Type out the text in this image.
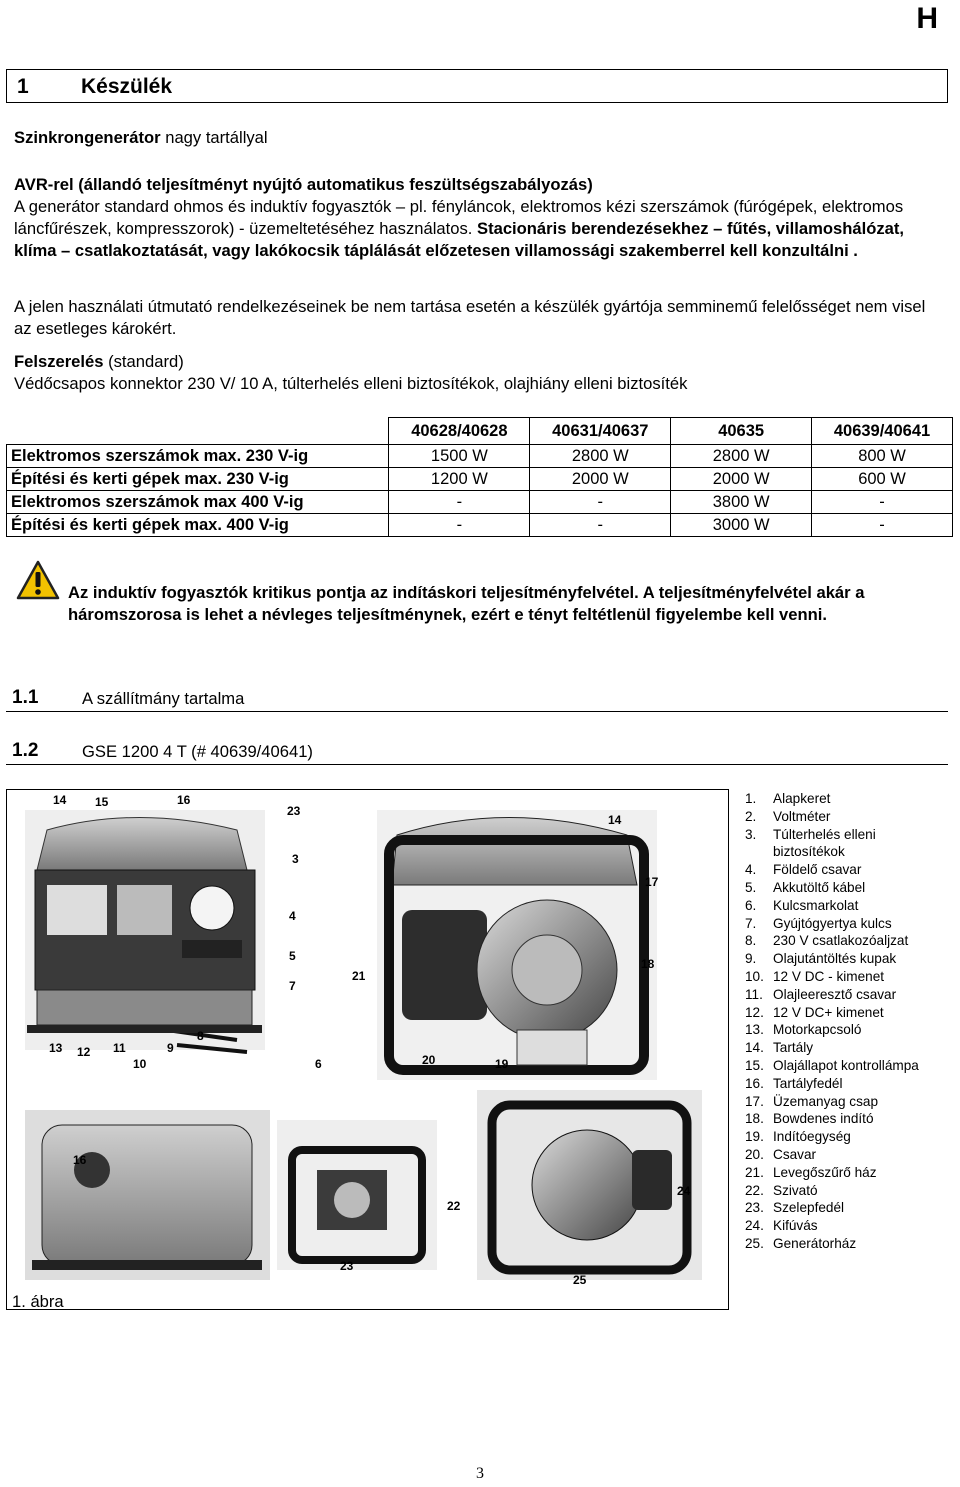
H
1 Készülék
Szinkrongenerátor nagy tartállyal
AVR-rel (állandó teljesítményt nyújtó automatikus feszültségszabályozás)
A generátor standard ohmos és induktív fogyasztók – pl. fényláncok, elektromos kézi szerszámok (fúrógépek, elektromos láncfűrészek, kompresszorok) - üzemeltetéséhez használatos. Stacionáris berendezésekhez – fűtés, villamoshálózat, klíma – csatlakoztatását, vagy lakókocsik táplálását előzetesen villamossági szakemberrel kell konzultálni .
A jelen használati útmutató rendelkezéseinek be nem tartása esetén a készülék gyártója semminemű felelősséget nem visel az esetleges károkért.
Felszerelés (standard)
Védőcsapos konnektor 230 V/ 10 A, túlterhelés elleni biztosítékok, olajhiány elleni biztosíték
	40628/40628	40631/40637	40635	40639/40641
Elektromos szerszámok max. 230 V-ig	1500 W	2800 W	2800 W	800 W
Építési és kerti gépek max. 230 V-ig	1200 W	2000 W	2000 W	600 W
Elektromos szerszámok max 400 V-ig	-	-	3800 W	-
Építési és kerti gépek max. 400 V-ig	-	-	3000 W	-
Az induktív fogyasztók kritikus pontja az indításkori teljesítményfelvétel. A teljesítményfelvétel akár a háromszorosa is lehet a névleges teljesítménynek, ezért e tényt feltétlenül figyelembe kell venni.
1.1	A szállítmány tartalma
1.2	GSE 1200 4 T (# 40639/40641)
14 15	16
23
3
4
5
7
8
13 12 11
10
9
6
14
17
18
21
20	19
16
22
23
24
25
1. ábra
1.	Alapkeret
2.	Voltméter
3.	Túlterhelés elleni biztosítékok
4.	Földelő csavar
5.	Akkutöltő kábel
6.	Kulcsmarkolat
7.	Gyújtógyertya kulcs
8.	230 V csatlakozóaljzat
9.	Olajutántöltés kupak
10. 12 V DC - kimenet
11. Olajleeresztő csavar
12. 12 V DC+ kimenet
13. Motorkapcsoló
14. Tartály
15. Olajállapot kontrollámpa
16. Tartályfedél
17. Üzemanyag csap
18. Bowdenes indító
19. Indítóegység
20. Csavar
21. Levegőszűrő ház
22. Szivató
23. Szelepfedél
24. Kifúvás
25. Generátorház
3
